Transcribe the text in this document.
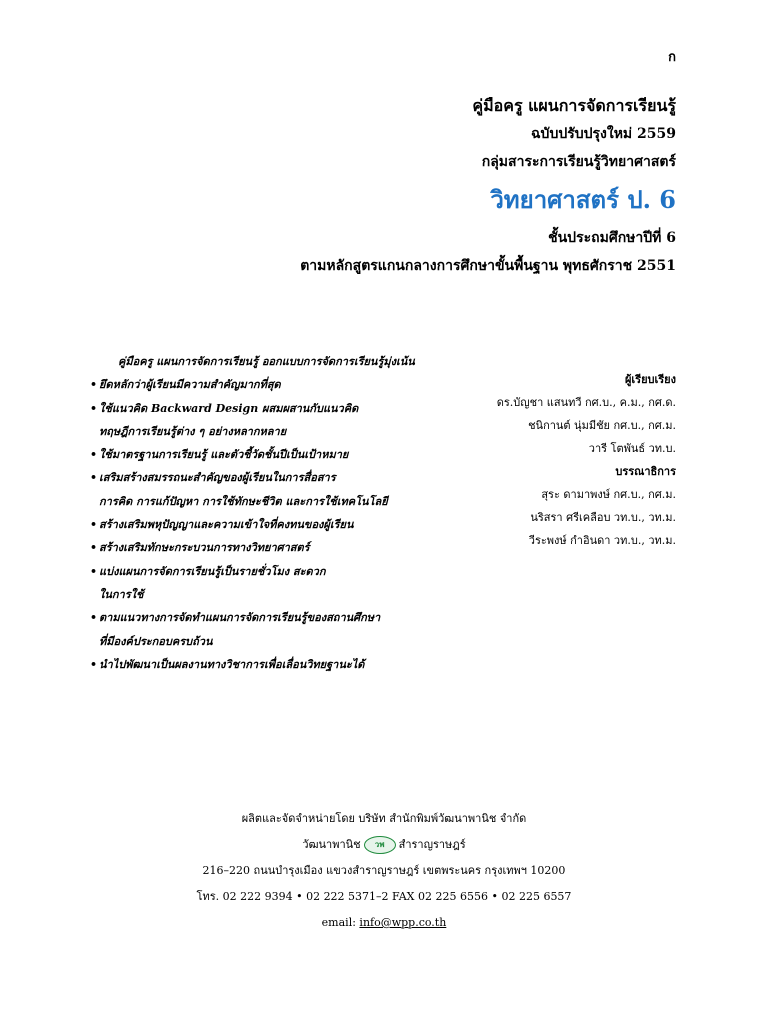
ก
คู่มือครู แผนการจัดการเรียนรู้
ฉบับปรับปรุงใหม่ 2559
กลุ่มสาระการเรียนรู้วิทยาศาสตร์
วิทยาศาสตร์ ป. 6
ชั้นประถมศึกษาปีที่ 6
ตามหลักสูตรแกนกลางการศึกษาขั้นพื้นฐาน พุทธศักราช 2551
คู่มือครู แผนการจัดการเรียนรู้ ออกแบบการจัดการเรียนรู้มุ่งเน้น
• ยึดหลักว่าผู้เรียนมีความสำคัญมากที่สุด
• ใช้แนวคิด Backward Design ผสมผสานกับแนวคิด
ทฤษฎีการเรียนรู้ต่าง ๆ อย่างหลากหลาย
• ใช้มาตรฐานการเรียนรู้ และตัวชี้วัดชั้นปีเป็นเป้าหมาย
• เสริมสร้างสมรรถนะสำคัญของผู้เรียนในการสื่อสาร
การคิด การแก้ปัญหา การใช้ทักษะชีวิต และการใช้เทคโนโลยี
• สร้างเสริมพหุปัญญาและความเข้าใจที่คงทนของผู้เรียน
• สร้างเสริมทักษะกระบวนการทางวิทยาศาสตร์
• แบ่งแผนการจัดการเรียนรู้เป็นรายชั่วโมง สะดวก
ในการใช้
• ตามแนวทางการจัดทำแผนการจัดการเรียนรู้ของสถานศึกษา
ที่มีองค์ประกอบครบถ้วน
• นำไปพัฒนาเป็นผลงานทางวิชาการเพื่อเลื่อนวิทยฐานะได้
ผู้เรียบเรียง
ดร.บัญชา แสนทวี กศ.บ., ค.ม., กศ.ด.
ชนิกานต์ นุ่มมีชัย กศ.บ., กศ.ม.
วารี โตพันธ์ วท.บ.
บรรณาธิการ
สุระ ดามาพงษ์ กศ.บ., กศ.ม.
นริสรา ศรีเคลือบ วท.บ., วท.ม.
วีระพงษ์ กำอินดา วท.บ., วท.ม.
ผลิตและจัดจำหน่ายโดย บริษัท สำนักพิมพ์วัฒนาพานิช จำกัด
วัฒนาพานิช	วพ	สำราญราษฎร์
216–220 ถนนบำรุงเมือง แขวงสำราญราษฎร์ เขตพระนคร กรุงเทพฯ 10200
โทร. 02 222 9394 • 02 222 5371–2 FAX 02 225 6556 • 02 225 6557
email: info@wpp.co.th
